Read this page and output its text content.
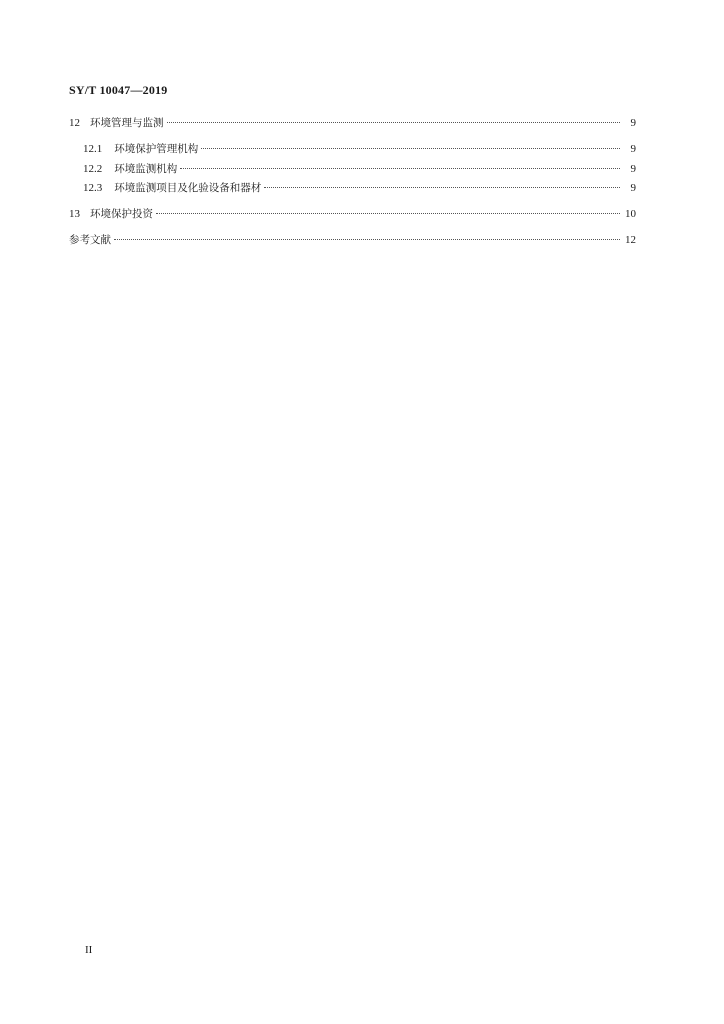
SY/T 10047—2019
12 环境管理与监测	9
12.1 环境保护管理机构	9
12.2 环境监测机构	9
12.3 环境监测项目及化验设备和器材	9
13 环境保护投资	10
参考文献	12
II
